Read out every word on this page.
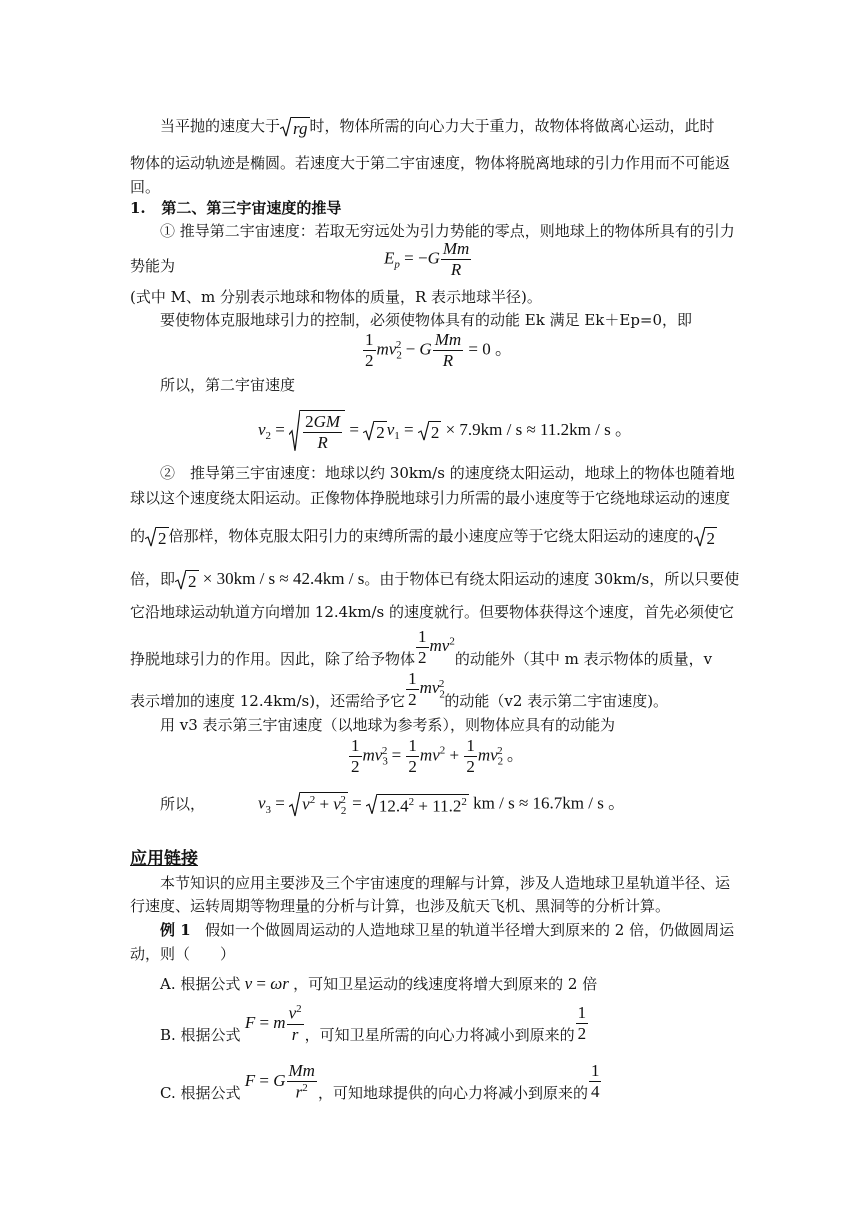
当平抛的速度大于 rg 时，物体所需的向心力大于重力，故物体将做离心运动，此时
物体的运动轨迹是椭圆。若速度大于第二宇宙速度，物体将脱离地球的引力作用而不可能返
回。
1. 第二、第三宇宙速度的推导
① 推导第二宇宙速度：若取无穷远处为引力势能的零点，则地球上的物体所具有的引力
势能为	$E_p = -G \frac{Mm}{R}$
(式中 M、m 分别表示地球和物体的质量，R 表示地球半径)。
要使物体克服地球引力的控制，必须使物体具有的动能 Ek 满足 Ek＋Ep=0，即
$\frac{1}{2} mv_2^2 - G \frac{Mm}{R} = 0$ 。
所以，第二宇宙速度
$v_2 = \frac{2GM}{R}$ =
2 $v_1$ =
2 × 7.9km / s ≈ 11.2km / s 。
②　推导第三宇宙速度：地球以约 30km/s 的速度绕太阳运动，地球上的物体也随着地
球以这个速度绕太阳运动。正像物体挣脱地球引力所需的最小速度等于它绕地球运动的速度
的 2 倍那样，物体克服太阳引力的束缚所需的最小速度应等于它绕太阳运动的速度的 2
倍，即 2 × 30km / s ≈ 42.4km / s。由于物体已有绕太阳运动的速度 30km/s，所以只要使
它沿地球运动轨道方向增加 12.4km/s 的速度就行。但要物体获得这个速度，首先必须使它
挣脱地球引力的作用。因此，除了给予物体 $\frac{1}{2} mv^2$的动能外（其中 m 表示物体的质量，v
表示增加的速度 12.4km/s)，还需给予它 $\frac{1}{2} mv_2^2$的动能（v2 表示第二宇宙速度)。
用 v3 表示第三宇宙速度（以地球为参考系），则物体应具有的动能为
$\frac{1}{2} mv_3^2 = \frac{1}{2} mv^2 + \frac{1}{2} mv_2^2$ 。
所以，	$v_3$ =
$v^2 + v_2^2$ =
$12.4^2 + 11.2^2$ km / s ≈ 16.7km / s 。
应用链接
本节知识的应用主要涉及三个宇宙速度的理解与计算，涉及人造地球卫星轨道半径、运
行速度、运转周期等物理量的分析与计算，也涉及航天飞机、黑洞等的分析计算。
例 1 假如一个做圆周运动的人造地球卫星的轨道半径增大到原来的 2 倍，仍做圆周运
动，则（　　）
A. 根据公式 v = ωr ，可知卫星运动的线速度将增大到原来的 2 倍
B. 根据公式 F = m $\frac{v^2}{r}$ ，可知卫星所需的向心力将减小到原来的 $\frac{1}{2}$
C. 根据公式 F = G $\frac{Mm}{r^2}$ ，可知地球提供的向心力将减小到原来的 $\frac{1}{4}$
